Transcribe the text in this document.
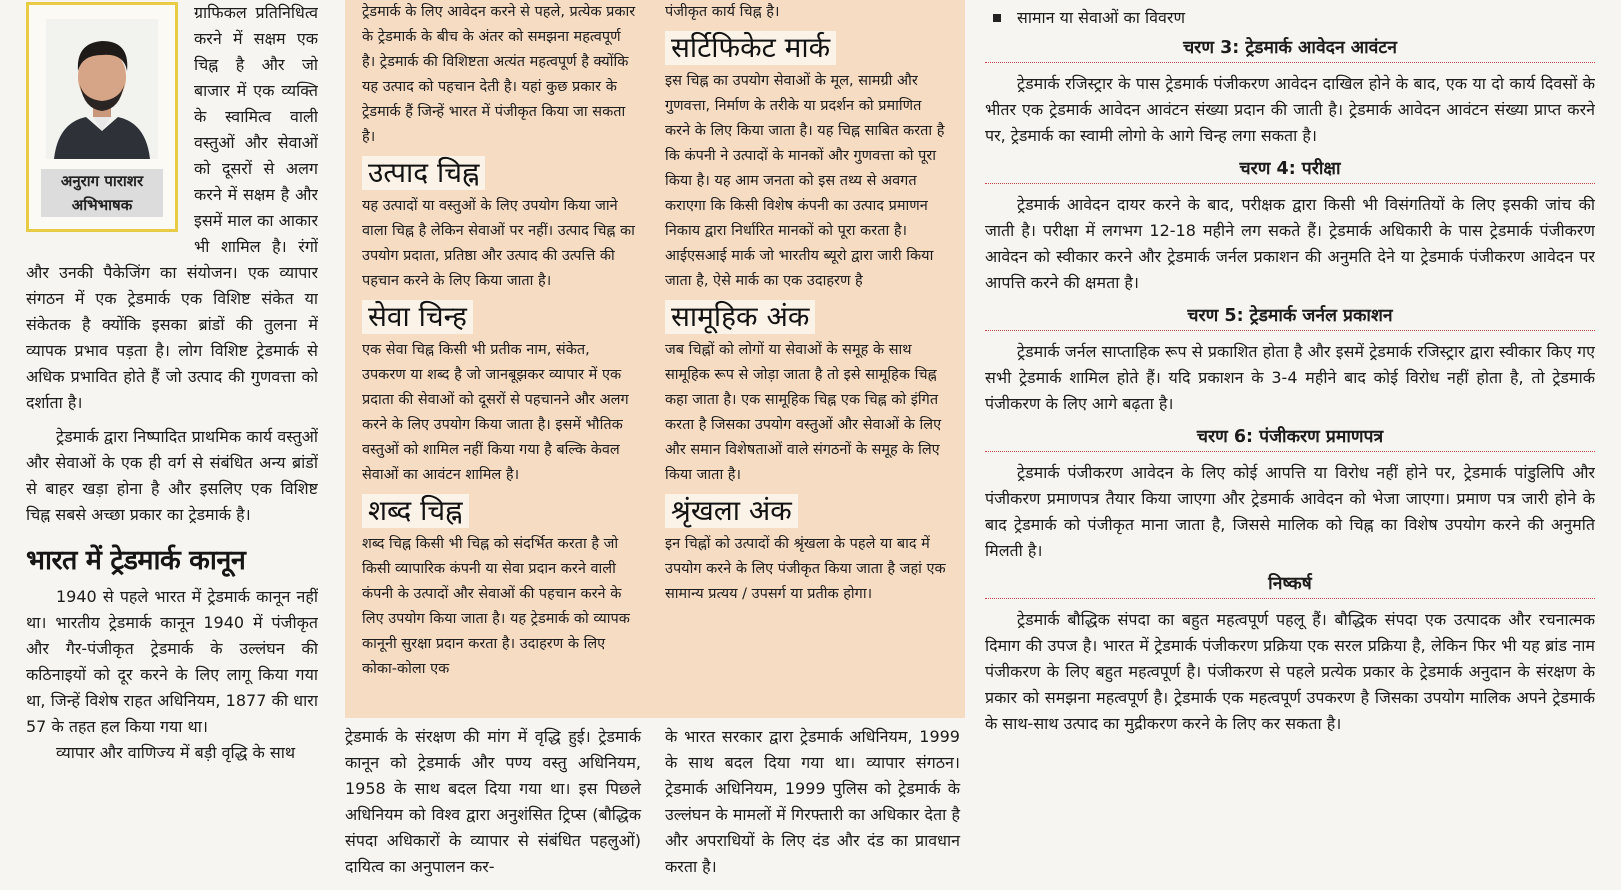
अनुराग पाराशर
अभिभाषक

ग्राफिकल प्रतिनिधित्व करने में सक्षम एक चिह्न है और जो बाजार में एक व्यक्ति के स्वामित्व वाली वस्तुओं और सेवाओं को दूसरों से अलग करने में सक्षम है और इसमें माल का आकार भी शामिल है। रंगों और उनकी पैकेजिंग का संयोजन। एक व्यापार संगठन में एक ट्रेडमार्क एक विशिष्ट संकेत या संकेतक है क्योंकि इसका ब्रांडों की तुलना में व्यापक प्रभाव पड़ता है। लोग विशिष्ट ट्रेडमार्क से अधिक प्रभावित होते हैं जो उत्पाद की गुणवत्ता को दर्शाता है।

ट्रेडमार्क द्वारा निष्पादित प्राथमिक कार्य वस्तुओं और सेवाओं के एक ही वर्ग से संबंधित अन्य ब्रांडों से बाहर खड़ा होना है और इसलिए एक विशिष्ट चिह्न सबसे अच्छा प्रकार का ट्रेडमार्क है।

भारत में ट्रेडमार्क कानून

1940 से पहले भारत में ट्रेडमार्क कानून नहीं था। भारतीय ट्रेडमार्क कानून 1940 में पंजीकृत और गैर-पंजीकृत ट्रेडमार्क के उल्लंघन की कठिनाइयों को दूर करने के लिए लागू किया गया था, जिन्हें विशेष राहत अधिनियम, 1877 की धारा 57 के तहत हल किया गया था।

व्यापार और वाणिज्य में बड़ी वृद्धि के साथ

ट्रेडमार्क के लिए आवेदन करने से पहले, प्रत्येक प्रकार के ट्रेडमार्क के बीच के अंतर को समझना महत्वपूर्ण है। ट्रेडमार्क की विशिष्टता अत्यंत महत्वपूर्ण है क्योंकि यह उत्पाद को पहचान देती है। यहां कुछ प्रकार के ट्रेडमार्क हैं जिन्हें भारत में पंजीकृत किया जा सकता है।

उत्पाद चिह्न

यह उत्पादों या वस्तुओं के लिए उपयोग किया जाने वाला चिह्न है लेकिन सेवाओं पर नहीं। उत्पाद चिह्न का उपयोग प्रदाता, प्रतिष्ठा और उत्पाद की उत्पत्ति की पहचान करने के लिए किया जाता है।

सेवा चिन्ह

एक सेवा चिह्न किसी भी प्रतीक नाम, संकेत, उपकरण या शब्द है जो जानबूझकर व्यापार में एक प्रदाता की सेवाओं को दूसरों से पहचानने और अलग करने के लिए उपयोग किया जाता है। इसमें भौतिक वस्तुओं को शामिल नहीं किया गया है बल्कि केवल सेवाओं का आवंटन शामिल है।

शब्द चिह्न

शब्द चिह्न किसी भी चिह्न को संदर्भित करता है जो किसी व्यापारिक कंपनी या सेवा प्रदान करने वाली कंपनी के उत्पादों और सेवाओं की पहचान करने के लिए उपयोग किया जाता है। यह ट्रेडमार्क को व्यापक कानूनी सुरक्षा प्रदान करता है। उदाहरण के लिए कोका-कोला एक

पंजीकृत कार्य चिह्न है।

सर्टिफिकेट मार्क

इस चिह्न का उपयोग सेवाओं के मूल, सामग्री और गुणवत्ता, निर्माण के तरीके या प्रदर्शन को प्रमाणित करने के लिए किया जाता है। यह चिह्न साबित करता है कि कंपनी ने उत्पादों के मानकों और गुणवत्ता को पूरा किया है। यह आम जनता को इस तथ्य से अवगत कराएगा कि किसी विशेष कंपनी का उत्पाद प्रमाणन निकाय द्वारा निर्धारित मानकों को पूरा करता है। आईएसआई मार्क जो भारतीय ब्यूरो द्वारा जारी किया जाता है, ऐसे मार्क का एक उदाहरण है

सामूहिक अंक

जब चिह्नों को लोगों या सेवाओं के समूह के साथ सामूहिक रूप से जोड़ा जाता है तो इसे सामूहिक चिह्न कहा जाता है। एक सामूहिक चिह्न एक चिह्न को इंगित करता है जिसका उपयोग वस्तुओं और सेवाओं के लिए और समान विशेषताओं वाले संगठनों के समूह के लिए किया जाता है।

श्रृंखला अंक

इन चिह्नों को उत्पादों की श्रृंखला के पहले या बाद में उपयोग करने के लिए पंजीकृत किया जाता है जहां एक सामान्य प्रत्यय / उपसर्ग या प्रतीक होगा।

ट्रेडमार्क के संरक्षण की मांग में वृद्धि हुई। ट्रेडमार्क कानून को ट्रेडमार्क और पण्य वस्तु अधिनियम, 1958 के साथ बदल दिया गया था। इस पिछले अधिनियम को विश्व द्वारा अनुशंसित ट्रिप्स (बौद्धिक संपदा अधिकारों के व्यापार से संबंधित पहलुओं) दायित्व का अनुपालन कर-

के भारत सरकार द्वारा ट्रेडमार्क अधिनियम, 1999 के साथ बदल दिया गया था। व्यापार संगठन। ट्रेडमार्क अधिनियम, 1999 पुलिस को ट्रेडमार्क के उल्लंघन के मामलों में गिरफ्तारी का अधिकार देता है और अपराधियों के लिए दंड और दंड का प्रावधान करता है।

सामान या सेवाओं का विवरण
चरण 3: ट्रेडमार्क आवेदन आवंटन

ट्रेडमार्क रजिस्ट्रार के पास ट्रेडमार्क पंजीकरण आवेदन दाखिल होने के बाद, एक या दो कार्य दिवसों के भीतर एक ट्रेडमार्क आवेदन आवंटन संख्या प्रदान की जाती है। ट्रेडमार्क आवेदन आवंटन संख्या प्राप्त करने पर, ट्रेडमार्क का स्वामी लोगो के आगे चिन्ह लगा सकता है।

चरण 4: परीक्षा

ट्रेडमार्क आवेदन दायर करने के बाद, परीक्षक द्वारा किसी भी विसंगतियों के लिए इसकी जांच की जाती है। परीक्षा में लगभग 12-18 महीने लग सकते हैं। ट्रेडमार्क अधिकारी के पास ट्रेडमार्क पंजीकरण आवेदन को स्वीकार करने और ट्रेडमार्क जर्नल प्रकाशन की अनुमति देने या ट्रेडमार्क पंजीकरण आवेदन पर आपत्ति करने की क्षमता है।

चरण 5: ट्रेडमार्क जर्नल प्रकाशन

ट्रेडमार्क जर्नल साप्ताहिक रूप से प्रकाशित होता है और इसमें ट्रेडमार्क रजिस्ट्रार द्वारा स्वीकार किए गए सभी ट्रेडमार्क शामिल होते हैं। यदि प्रकाशन के 3-4 महीने बाद कोई विरोध नहीं होता है, तो ट्रेडमार्क पंजीकरण के लिए आगे बढ़ता है।

चरण 6: पंजीकरण प्रमाणपत्र

ट्रेडमार्क पंजीकरण आवेदन के लिए कोई आपत्ति या विरोध नहीं होने पर, ट्रेडमार्क पांडुलिपि और पंजीकरण प्रमाणपत्र तैयार किया जाएगा और ट्रेडमार्क आवेदन को भेजा जाएगा। प्रमाण पत्र जारी होने के बाद ट्रेडमार्क को पंजीकृत माना जाता है, जिससे मालिक को चिह्न का विशेष उपयोग करने की अनुमति मिलती है।

निष्कर्ष

ट्रेडमार्क बौद्धिक संपदा का बहुत महत्वपूर्ण पहलू हैं। बौद्धिक संपदा एक उत्पादक और रचनात्मक दिमाग की उपज है। भारत में ट्रेडमार्क पंजीकरण प्रक्रिया एक सरल प्रक्रिया है, लेकिन फिर भी यह ब्रांड नाम पंजीकरण के लिए बहुत महत्वपूर्ण है। पंजीकरण से पहले प्रत्येक प्रकार के ट्रेडमार्क अनुदान के संरक्षण के प्रकार को समझना महत्वपूर्ण है। ट्रेडमार्क एक महत्वपूर्ण उपकरण है जिसका उपयोग मालिक अपने ट्रेडमार्क के साथ-साथ उत्पाद का मुद्रीकरण करने के लिए कर सकता है।
